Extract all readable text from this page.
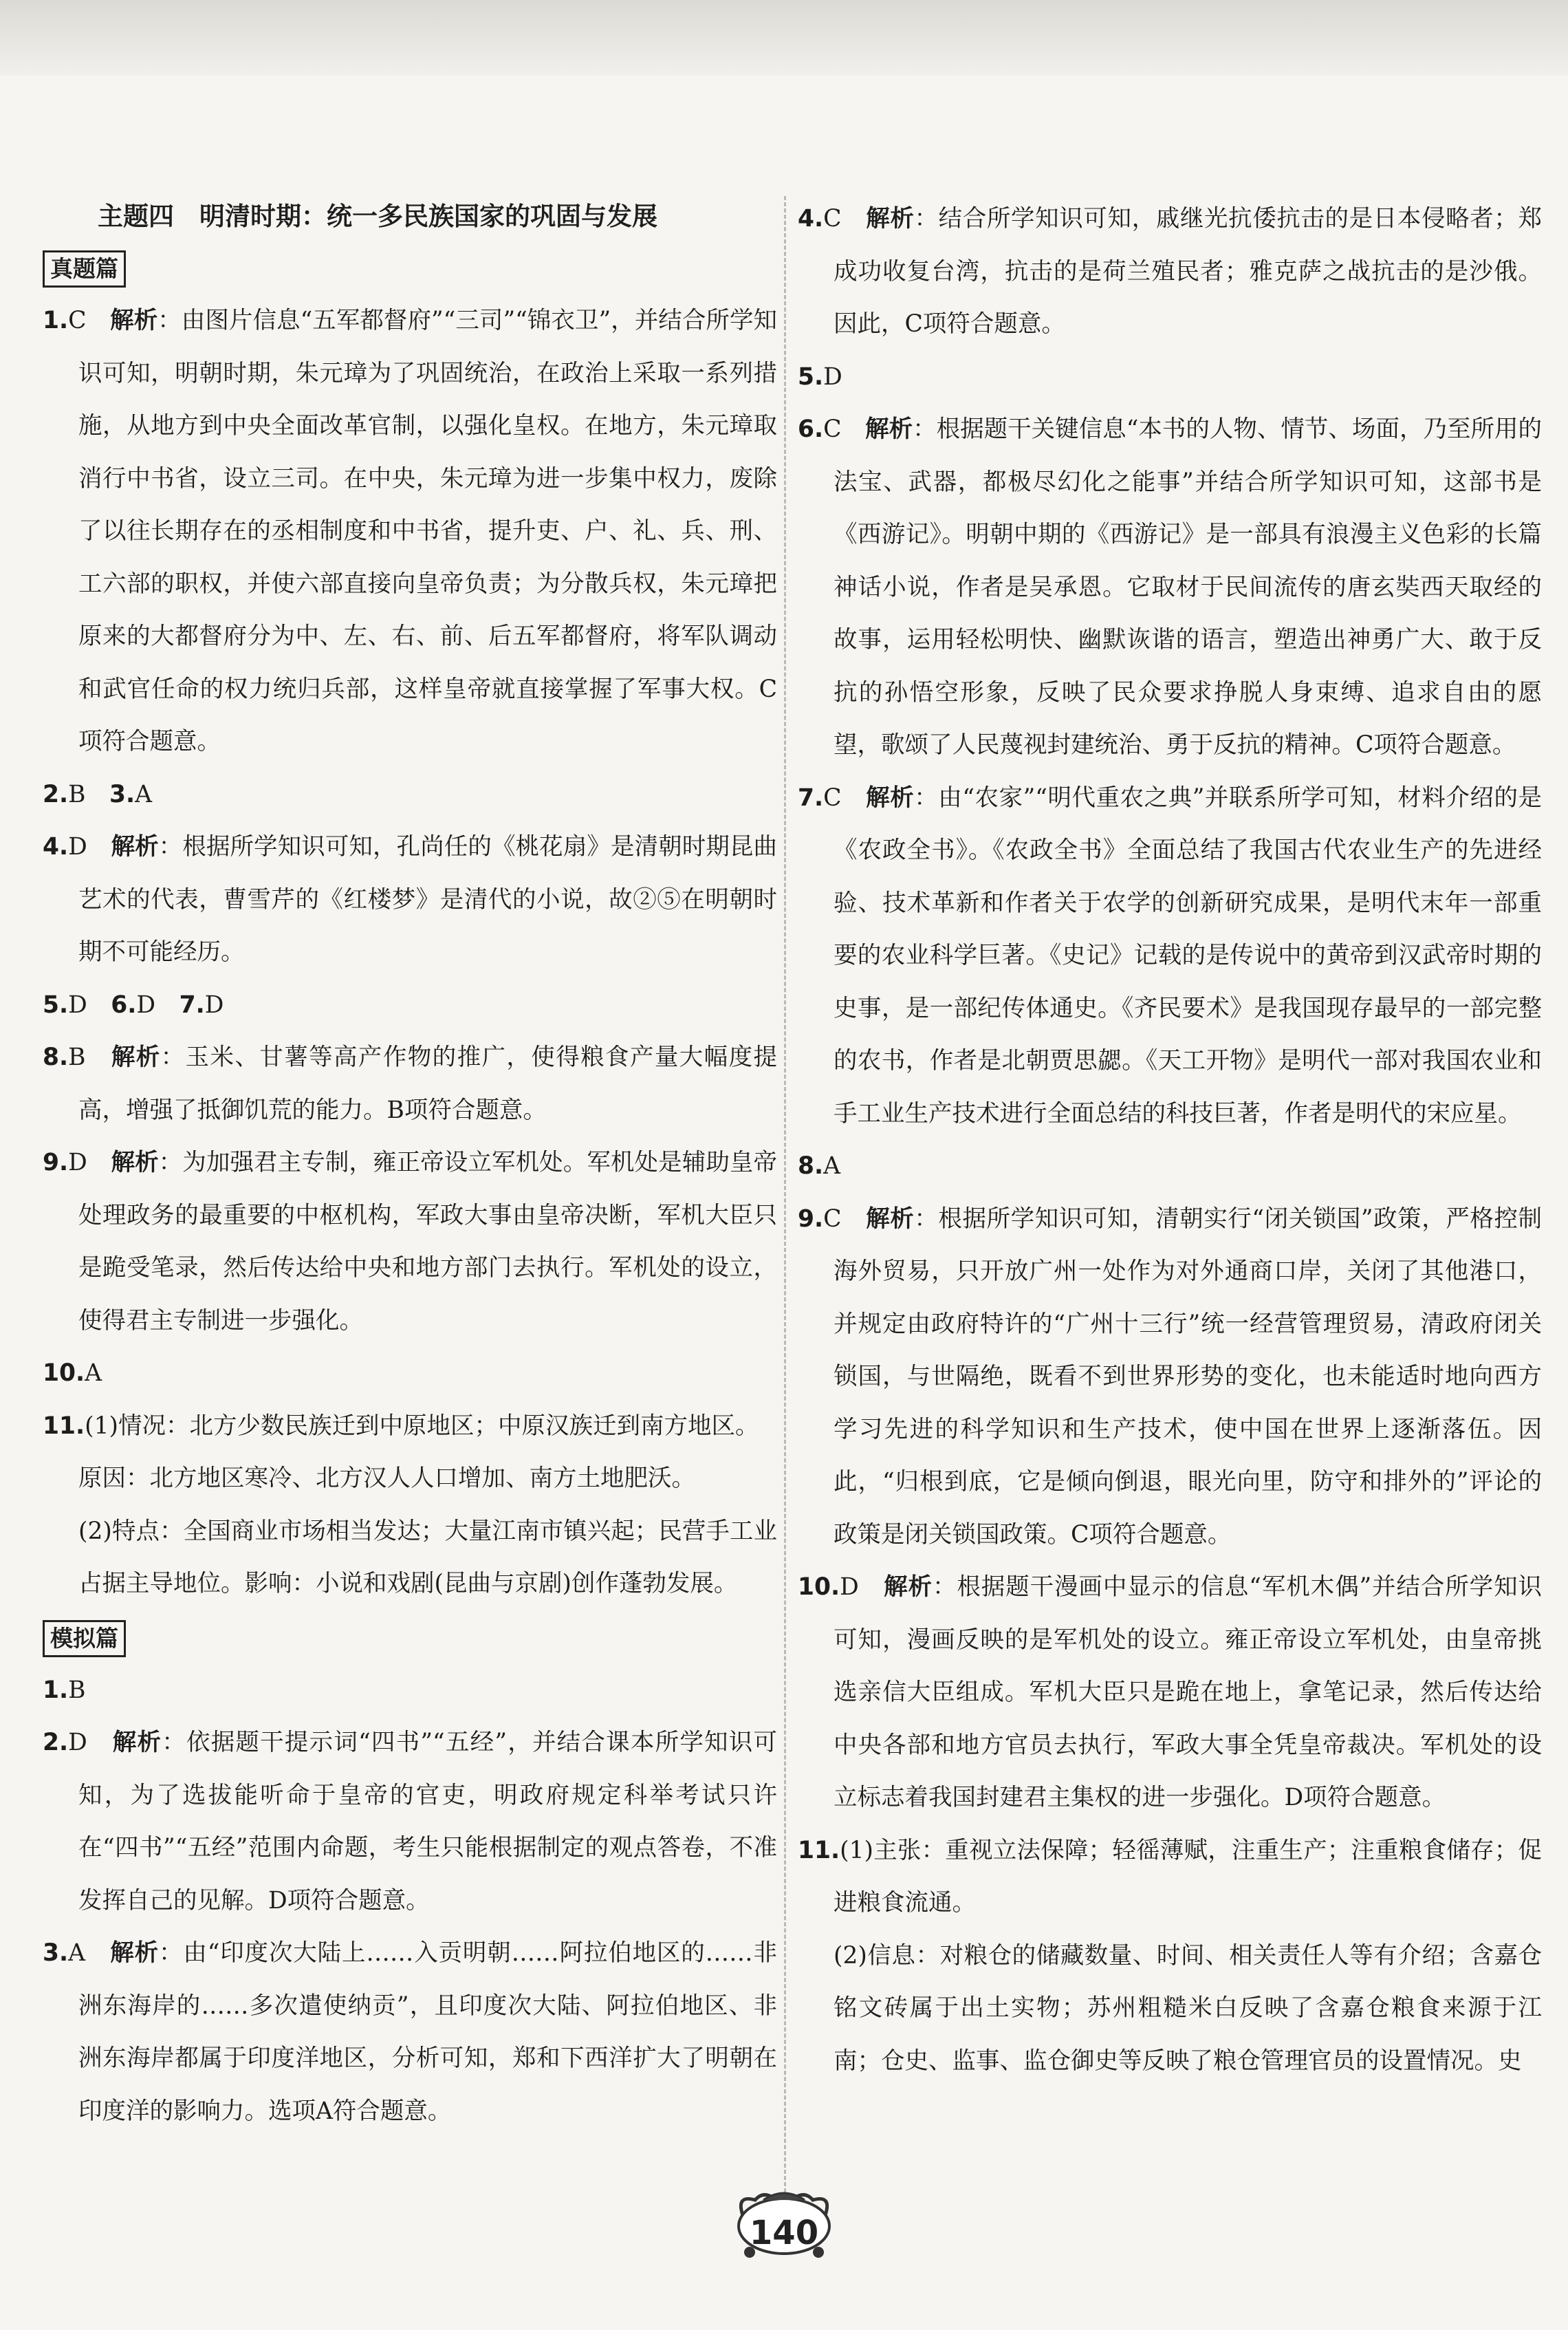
主题四　明清时期：统一多民族国家的巩固与发展
真题篇

1.C　 解析：由图片信息“五军都督府”“三司”“锦衣卫”，并结合所学知识可知，明朝时期，朱元璋为了巩固统治，在政治上采取一系列措施，从地方到中央全面改革官制，以强化皇权。在地方，朱元璋取消行中书省，设立三司。在中央，朱元璋为进一步集中权力，废除了以往长期存在的丞相制度和中书省，提升吏、户、礼、兵、刑、工六部的职权，并使六部直接向皇帝负责；为分散兵权，朱元璋把原来的大都督府分为中、左、右、前、后五军都督府，将军队调动和武官任命的权力统归兵部，这样皇帝就直接掌握了军事大权。C项符合题意。

2.B　 3.A

4.D　 解析：根据所学知识可知，孔尚任的《桃花扇》是清朝时期昆曲艺术的代表，曹雪芹的《红楼梦》是清代的小说，故②⑤在明朝时期不可能经历。

5.D　 6.D　 7.D

8.B　 解析：玉米、甘薯等高产作物的推广，使得粮食产量大幅度提高，增强了抵御饥荒的能力。B项符合题意。

9.D　 解析：为加强君主专制，雍正帝设立军机处。军机处是辅助皇帝处理政务的最重要的中枢机构，军政大事由皇帝决断，军机大臣只是跪受笔录，然后传达给中央和地方部门去执行。军机处的设立，使得君主专制进一步强化。

10.A

11.(1)情况：北方少数民族迁到中原地区；中原汉族迁到南方地区。

原因：北方地区寒冷、北方汉人人口增加、南方土地肥沃。

(2)特点：全国商业市场相当发达；大量江南市镇兴起；民营手工业占据主导地位。影响：小说和戏剧(昆曲与京剧)创作蓬勃发展。

模拟篇

1.B

2.D　 解析：依据题干提示词“四书”“五经”，并结合课本所学知识可知，为了选拔能听命于皇帝的官吏，明政府规定科举考试只许在“四书”“五经”范围内命题，考生只能根据制定的观点答卷，不准发挥自己的见解。D项符合题意。

3.A　 解析：由“印度次大陆上……入贡明朝……阿拉伯地区的……非洲东海岸的……多次遣使纳贡”，且印度次大陆、阿拉伯地区、非洲东海岸都属于印度洋地区，分析可知，郑和下西洋扩大了明朝在印度洋的影响力。选项A符合题意。

4.C　 解析：结合所学知识可知，戚继光抗倭抗击的是日本侵略者；郑成功收复台湾，抗击的是荷兰殖民者；雅克萨之战抗击的是沙俄。因此，C项符合题意。

5.D

6.C　 解析：根据题干关键信息“本书的人物、情节、场面，乃至所用的法宝、武器，都极尽幻化之能事”并结合所学知识可知，这部书是《西游记》。明朝中期的《西游记》是一部具有浪漫主义色彩的长篇神话小说，作者是吴承恩。它取材于民间流传的唐玄奘西天取经的故事，运用轻松明快、幽默诙谐的语言，塑造出神勇广大、敢于反抗的孙悟空形象，反映了民众要求挣脱人身束缚、追求自由的愿望，歌颂了人民蔑视封建统治、勇于反抗的精神。C项符合题意。

7.C　 解析：由“农家”“明代重农之典”并联系所学可知，材料介绍的是《农政全书》。《农政全书》全面总结了我国古代农业生产的先进经验、技术革新和作者关于农学的创新研究成果，是明代末年一部重要的农业科学巨著。《史记》记载的是传说中的黄帝到汉武帝时期的史事，是一部纪传体通史。《齐民要术》是我国现存最早的一部完整的农书，作者是北朝贾思勰。《天工开物》是明代一部对我国农业和手工业生产技术进行全面总结的科技巨著，作者是明代的宋应星。

8.A

9.C　 解析：根据所学知识可知，清朝实行“闭关锁国”政策，严格控制海外贸易，只开放广州一处作为对外通商口岸，关闭了其他港口，并规定由政府特许的“广州十三行”统一经营管理贸易，清政府闭关锁国，与世隔绝，既看不到世界形势的变化，也未能适时地向西方学习先进的科学知识和生产技术，使中国在世界上逐渐落伍。因此，“归根到底，它是倾向倒退，眼光向里，防守和排外的”评论的政策是闭关锁国政策。C项符合题意。

10.D　 解析：根据题干漫画中显示的信息“军机木偶”并结合所学知识可知，漫画反映的是军机处的设立。雍正帝设立军机处，由皇帝挑选亲信大臣组成。军机大臣只是跪在地上，拿笔记录，然后传达给中央各部和地方官员去执行，军政大事全凭皇帝裁决。军机处的设立标志着我国封建君主集权的进一步强化。D项符合题意。

11.(1)主张：重视立法保障；轻徭薄赋，注重生产；注重粮食储存；促进粮食流通。

(2)信息：对粮仓的储藏数量、时间、相关责任人等有介绍；含嘉仓铭文砖属于出土实物；苏州粗糙米白反映了含嘉仓粮食来源于江南；仓史、监事、监仓御史等反映了粮仓管理官员的设置情况。史

140
